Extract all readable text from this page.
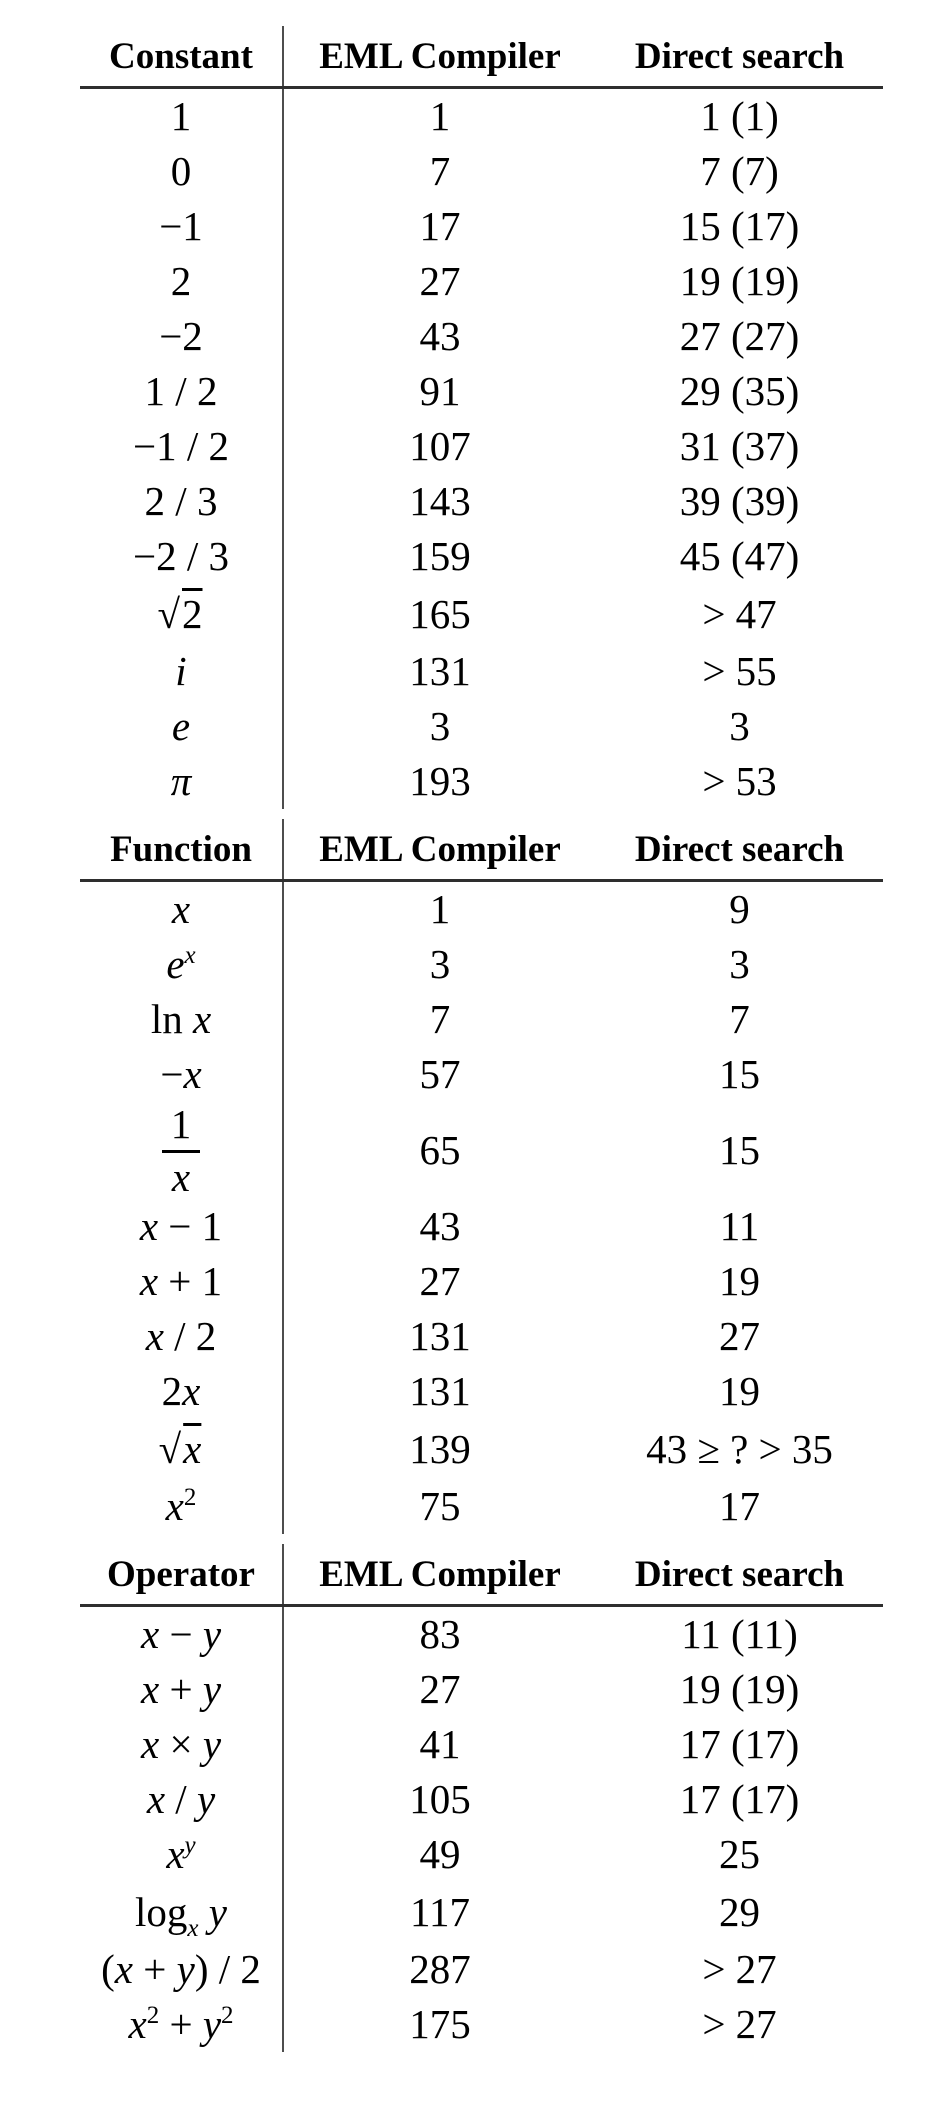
Constant	EML Compiler	Direct search
1	1	1 (1)
0	7	7 (7)
−1	17	15 (17)
2	27	19 (19)
−2	43	27 (27)
1 / 2	91	29 (35)
−1 / 2	107	31 (37)
2 / 3	143	39 (39)
−2 / 3	159	45 (47)
√2	165	> 47
i	131	> 55
e	3	3
π	193	> 53
Function	EML Compiler	Direct search
x	1	9
$e^x$	3	3
ln x	7	7
−x	57	15

$\frac{1}{x}$	65	15
x − 1	43	11
x + 1	27	19
x / 2	131	27
2x	131	19
√x	139	43 ≥ ? > 35
$x^2$	75	17
Operator	EML Compiler	Direct search
x − y	83	11 (11)
x + y	27	19 (19)
x × y	41	17 (17)
x / y	105	17 (17)
$x^y$	49	25
$\log_x y$	117	29
(x + y) / 2	287	> 27
$x^2 + y^2$	175	> 27
